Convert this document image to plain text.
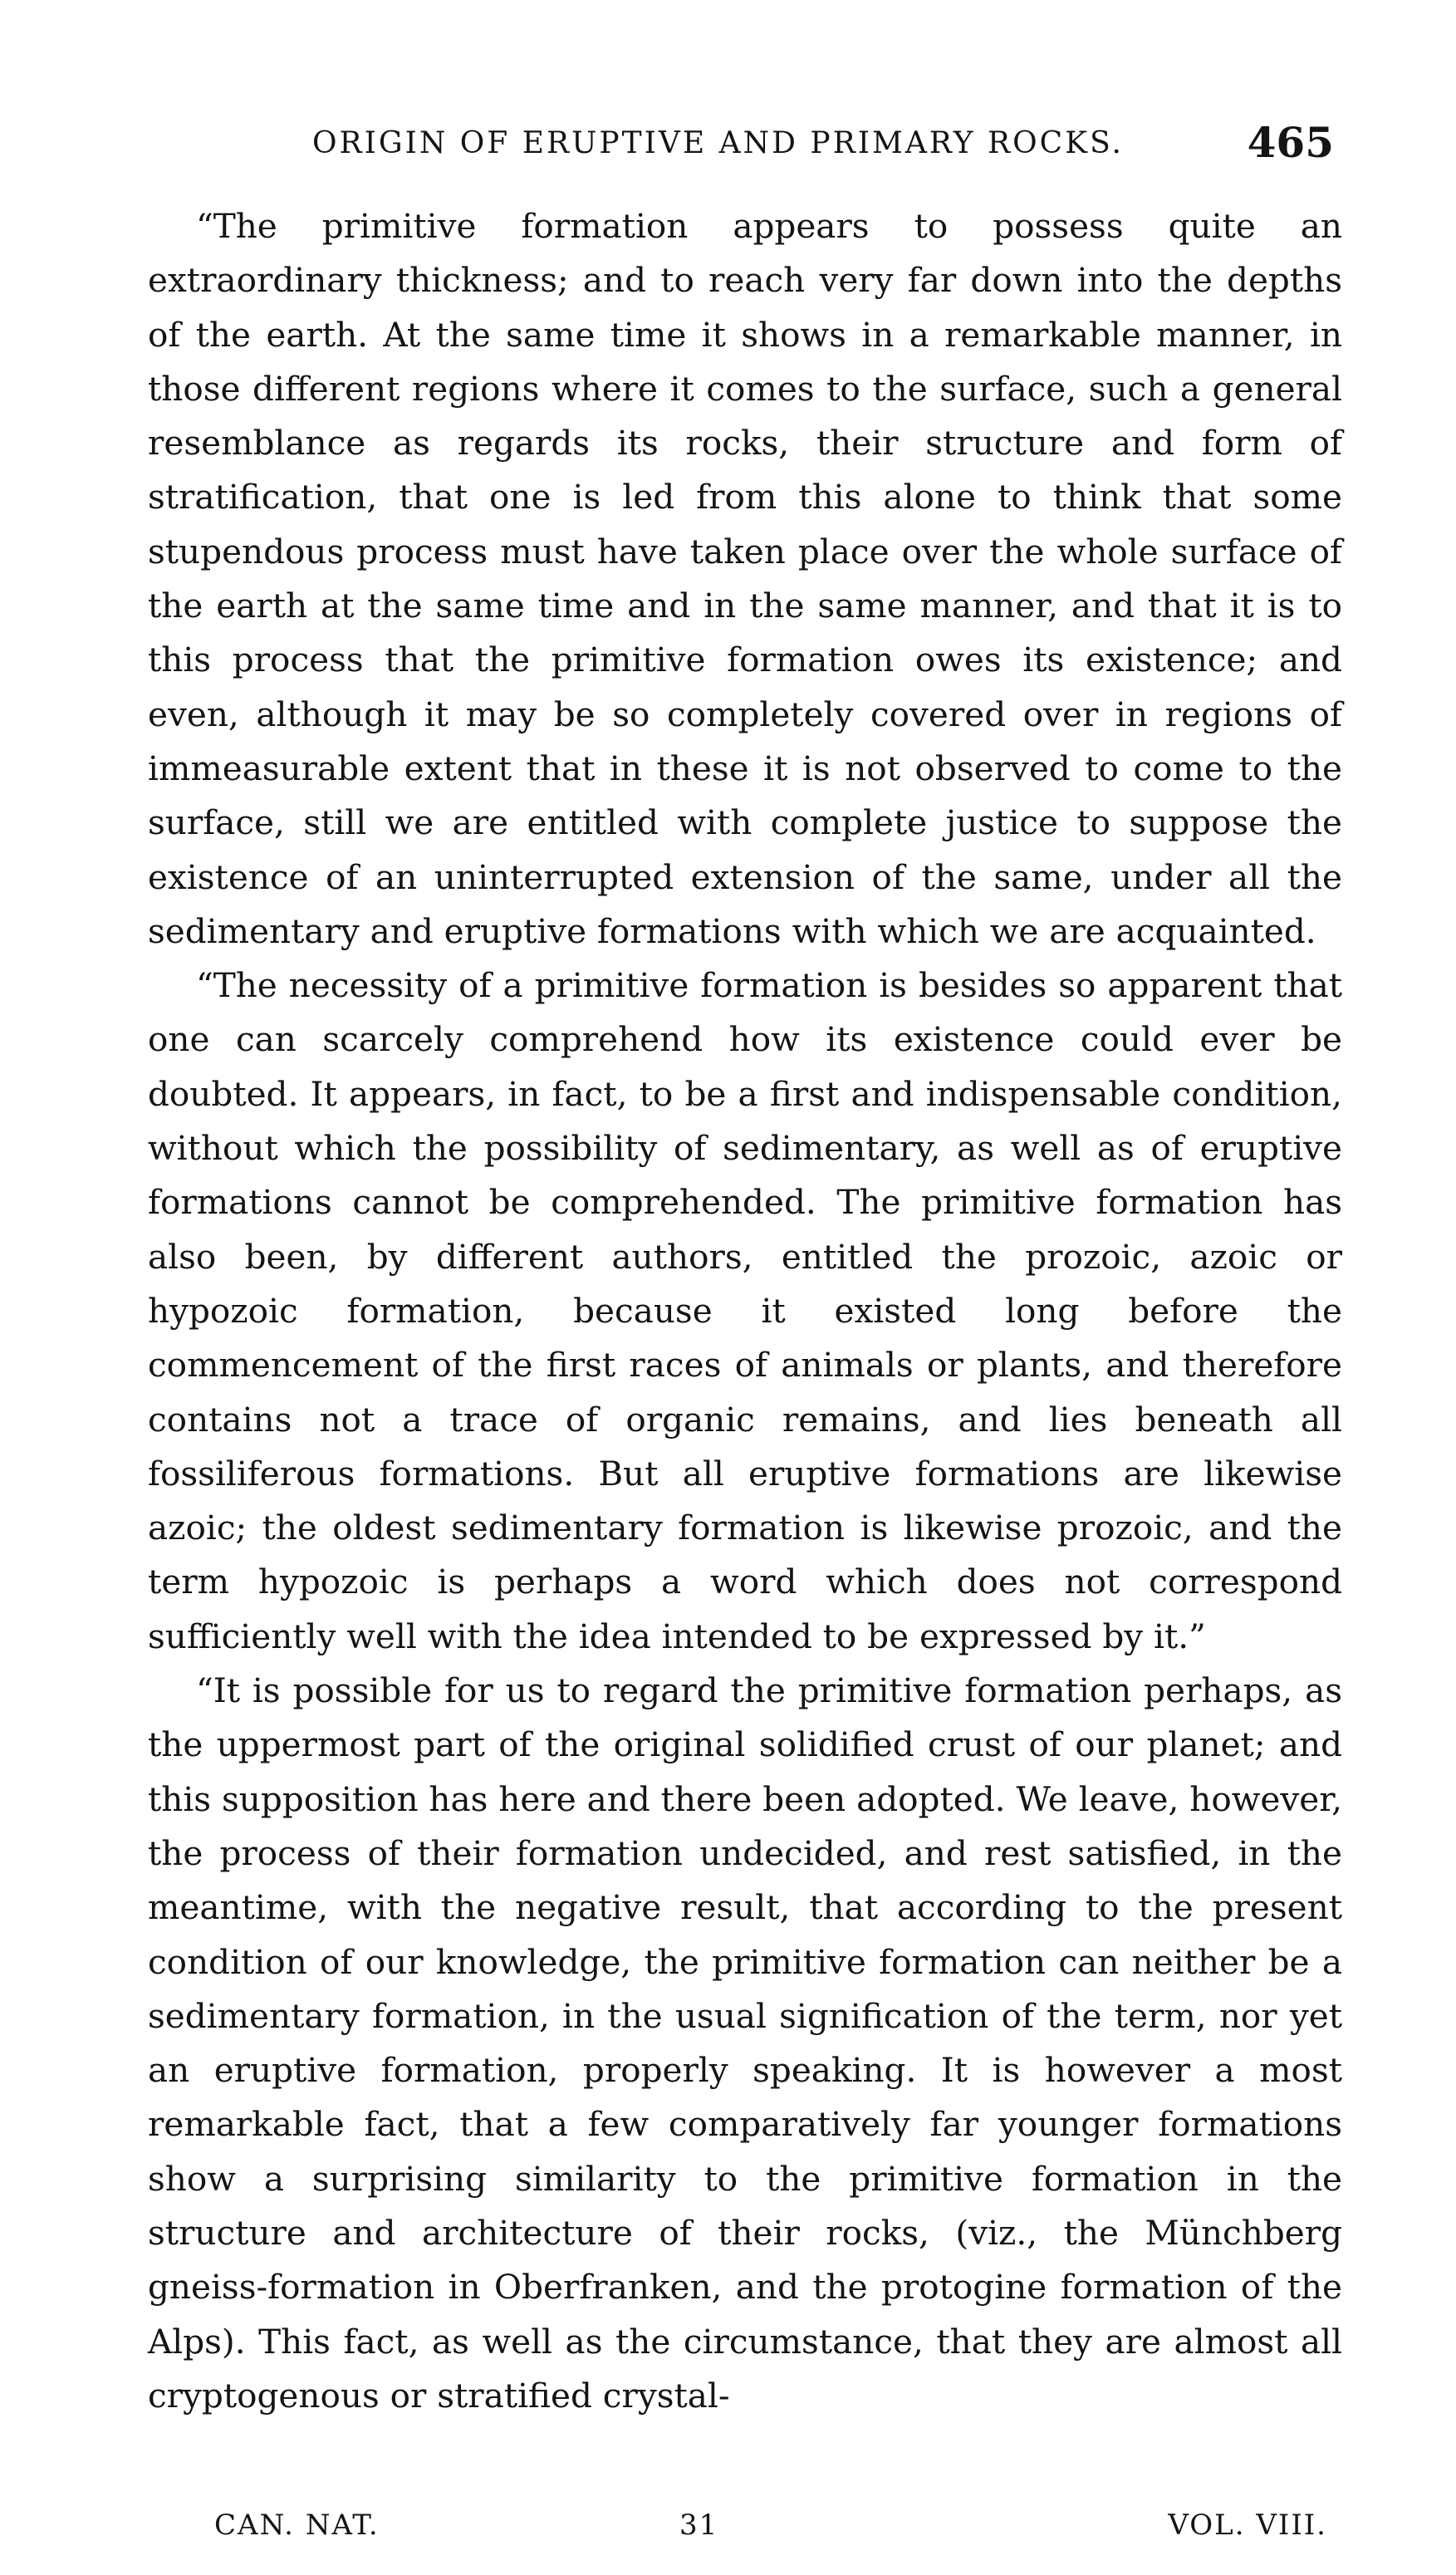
ORIGIN OF ERUPTIVE AND PRIMARY ROCKS.	465

“The primitive formation appears to possess quite an extraordinary thickness; and to reach very far down into the depths of the earth. At the same time it shows in a remarkable manner, in those different regions where it comes to the surface, such a general resemblance as regards its rocks, their structure and form of stratification, that one is led from this alone to think that some stupendous process must have taken place over the whole surface of the earth at the same time and in the same manner, and that it is to this process that the primitive formation owes its existence; and even, although it may be so completely covered over in regions of immeasurable extent that in these it is not observed to come to the surface, still we are entitled with complete justice to suppose the existence of an uninterrupted extension of the same, under all the sedimentary and eruptive formations with which we are acquainted.

“The necessity of a primitive formation is besides so apparent that one can scarcely comprehend how its existence could ever be doubted. It appears, in fact, to be a first and indispensable condition, without which the possibility of sedimentary, as well as of eruptive formations cannot be comprehended. The primitive formation has also been, by different authors, entitled the prozoic, azoic or hypozoic formation, because it existed long before the commencement of the first races of animals or plants, and therefore contains not a trace of organic remains, and lies beneath all fossiliferous formations. But all eruptive formations are likewise azoic; the oldest sedimentary formation is likewise prozoic, and the term hypozoic is perhaps a word which does not correspond sufficiently well with the idea intended to be expressed by it.”

“It is possible for us to regard the primitive formation perhaps, as the uppermost part of the original solidified crust of our planet; and this supposition has here and there been adopted. We leave, however, the process of their formation undecided, and rest satisfied, in the meantime, with the negative result, that according to the present condition of our knowledge, the primitive formation can neither be a sedimentary formation, in the usual signification of the term, nor yet an eruptive formation, properly speaking. It is however a most remarkable fact, that a few comparatively far younger formations show a surprising similarity to the primitive formation in the structure and architecture of their rocks, (viz., the Münchberg gneiss-formation in Oberfranken, and the protogine formation of the Alps). This fact, as well as the circumstance, that they are almost all cryptogenous or stratified crystal-

CAN. NAT.	31	VOL. VIII.
